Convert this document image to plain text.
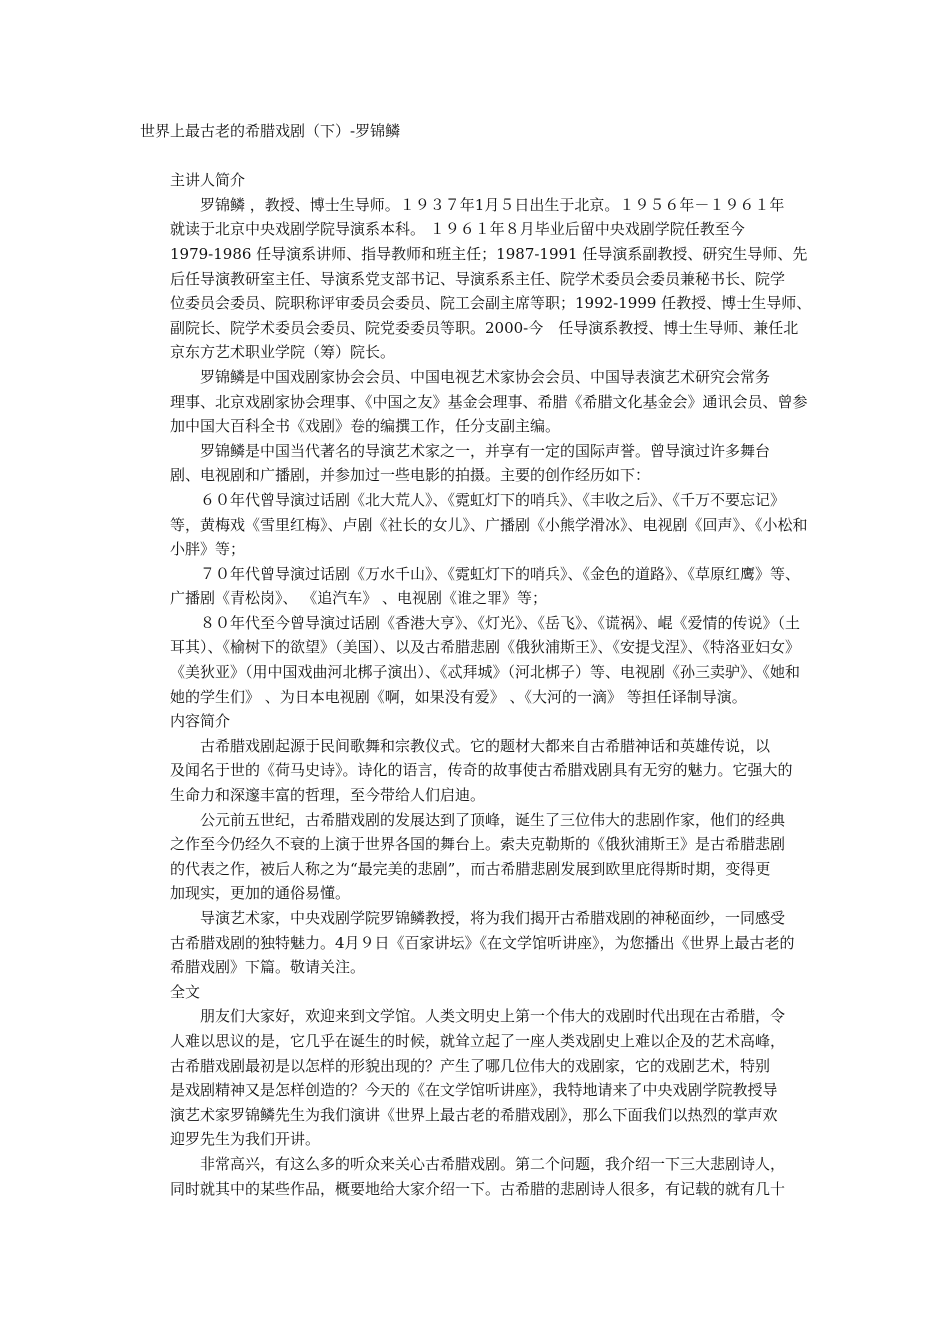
世界上最古老的希腊戏剧（下）-罗锦鳞
主讲人简介

罗锦鳞 ，教授、博士生导师。１９３７年1月５日出生于北京。１９５６年－１９６１年
就读于北京中央戏剧学院导演系本科。 １９６１年８月毕业后留中央戏剧学院任教至今
1979-1986 任导演系讲师、指导教师和班主任；1987-1991 任导演系副教授、研究生导师、先
后任导演教研室主任、导演系党支部书记、导演系系主任、院学术委员会委员兼秘书长、院学
位委员会委员、院职称评审委员会委员、院工会副主席等职；1992-1999 任教授、博士生导师、
副院长、院学术委员会委员、院党委委员等职。2000-今　任导演系教授、博士生导师、兼任北
京东方艺术职业学院（筹）院长。

罗锦鳞是中国戏剧家协会会员、中国电视艺术家协会会员、中国导表演艺术研究会常务
理事、北京戏剧家协会理事、《中国之友》基金会理事、希腊《希腊文化基金会》通讯会员、曾参
加中国大百科全书《戏剧》卷的编撰工作，任分支副主编。

罗锦鳞是中国当代著名的导演艺术家之一，并享有一定的国际声誉。曾导演过许多舞台
剧、电视剧和广播剧，并参加过一些电影的拍摄。主要的创作经历如下：

６０年代曾导演过话剧《北大荒人》、《霓虹灯下的哨兵》、《丰收之后》、《千万不要忘记》
等，黄梅戏《雪里红梅》、卢剧《社长的女儿》、广播剧《小熊学滑冰》、电视剧《回声》、《小松和
小胖》等；

７０年代曾导演过话剧《万水千山》、《霓虹灯下的哨兵》、《金色的道路》、《草原红鹰》等、
广播剧《青松岗》、 《追汽车》 、电视剧《谁之罪》等；

８０年代至今曾导演过话剧《香港大亨》、《灯光》、《岳飞》、《谎祸》、崐《爱情的传说》（土
耳其）、《榆树下的欲望》（美国）、以及古希腊悲剧《俄狄浦斯王》、《安提戈涅》、《特洛亚妇女》
《美狄亚》（用中国戏曲河北梆子演出）、《忒拜城》（河北梆子）等、电视剧《孙三卖驴》、《她和
她的学生们》 、为日本电视剧《啊，如果没有爱》 、《大河的一滴》 等担任译制导演。

内容简介

古希腊戏剧起源于民间歌舞和宗教仪式。它的题材大都来自古希腊神话和英雄传说，以
及闻名于世的《荷马史诗》。诗化的语言，传奇的故事使古希腊戏剧具有无穷的魅力。它强大的
生命力和深邃丰富的哲理，至今带给人们启迪。

公元前五世纪，古希腊戏剧的发展达到了顶峰，诞生了三位伟大的悲剧作家，他们的经典
之作至今仍经久不衰的上演于世界各国的舞台上。索夫克勒斯的《俄狄浦斯王》是古希腊悲剧
的代表之作，被后人称之为“最完美的悲剧”，而古希腊悲剧发展到欧里庇得斯时期，变得更
加现实，更加的通俗易懂。

导演艺术家，中央戏剧学院罗锦鳞教授，将为我们揭开古希腊戏剧的神秘面纱，一同感受
古希腊戏剧的独特魅力。4月９日《百家讲坛》《在文学馆听讲座》，为您播出《世界上最古老的
希腊戏剧》下篇。敬请关注。

全文

朋友们大家好，欢迎来到文学馆。人类文明史上第一个伟大的戏剧时代出现在古希腊，令
人难以思议的是，它几乎在诞生的时候，就耸立起了一座人类戏剧史上难以企及的艺术高峰，
古希腊戏剧最初是以怎样的形貌出现的？产生了哪几位伟大的戏剧家，它的戏剧艺术，特别
是戏剧精神又是怎样创造的？今天的《在文学馆听讲座》，我特地请来了中央戏剧学院教授导
演艺术家罗锦鳞先生为我们演讲《世界上最古老的希腊戏剧》，那么下面我们以热烈的掌声欢
迎罗先生为我们开讲。

非常高兴，有这么多的听众来关心古希腊戏剧。第二个问题，我介绍一下三大悲剧诗人，
同时就其中的某些作品，概要地给大家介绍一下。古希腊的悲剧诗人很多，有记载的就有几十
